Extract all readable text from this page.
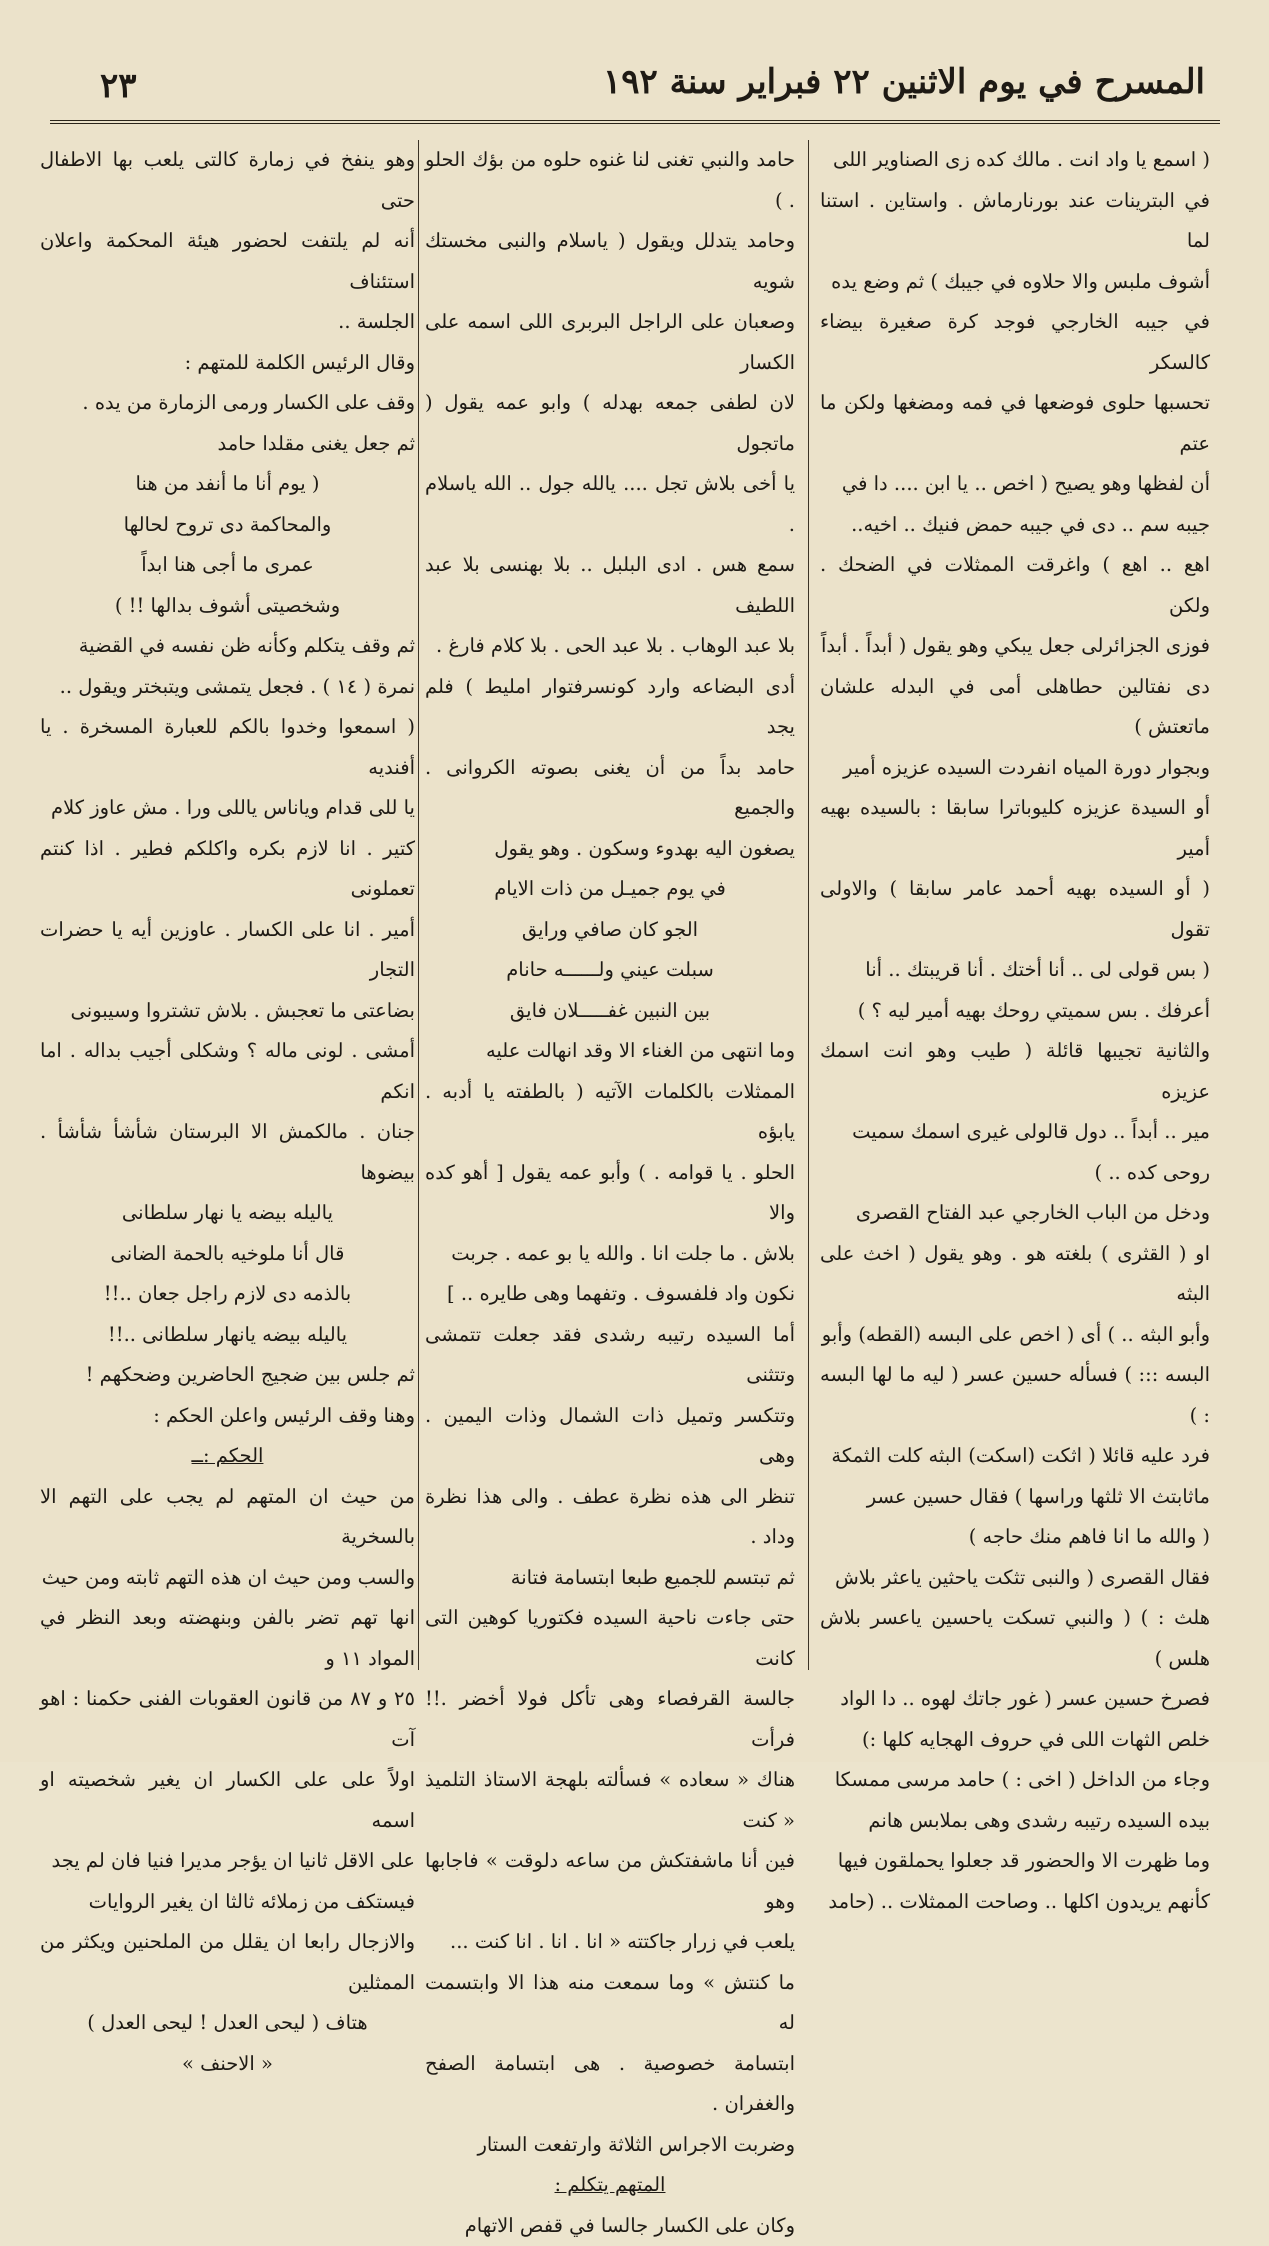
٢٣	المسرح في يوم الاثنين ٢٢ فبراير سنة ١٩٢

( اسمع يا واد انت . مالك كده زى الصناوير اللى

في البترينات عند بورنارماش . واستاين . استنا لما

أشوف ملبس والا حلاوه في جيبك ) ثم وضع يده

في جيبه الخارجي فوجد كرة صغيرة بيضاء كالسكر

تحسبها حلوى فوضعها في فمه ومضغها ولكن ما عتم

أن لفظها وهو يصيح ( اخص .. يا ابن .... دا في

جيبه سم .. دى في جيبه حمض فنيك .. اخيه..

اهع .. اهع ) واغرقت الممثلات في الضحك . ولكن

فوزى الجزائرلى جعل يبكي وهو يقول ( أبداً . أبداً

دى نفتالين حطاهلى أمى في البدله علشان ماتعتش )

وبجوار دورة المياه انفردت السيده عزيزه أمير

أو السيدة عزيزه كليوباترا سابقا : بالسيده بهيه أمير

( أو السيده بهيه أحمد عامر سابقا ) والاولى تقول

( بس قولى لى .. أنا أختك . أنا قريبتك .. أنا

أعرفك . بس سميتي روحك بهيه أمير ليه ؟ )

والثانية تجيبها قائلة ( طيب وهو انت اسمك عزيزه

مير .. أبداً .. دول قالولى غيرى اسمك سميت

روحى كده .. )

ودخل من الباب الخارجي عبد الفتاح القصرى

او ( القثرى ) بلغته هو . وهو يقول ( اخث على البثه

وأبو البثه .. ) أى ( اخص على البسه (القطه) وأبو

البسه ::: ) فسأله حسين عسر ( ليه ما لها البسه : )

فرد عليه قائلا ( اثكت (اسكت) البثه كلت الثمكة

ماثابتث الا ثلثها وراسها ) فقال حسين عسر

( والله ما انا فاهم منك حاجه )

فقال القصرى ( والنبى تثكت ياحثين ياعثر بلاش

هلث : ) ( والنبي تسكت ياحسين ياعسر بلاش هلس )

فصرخ حسين عسر ( غور جاتك لهوه .. دا الواد

خلص الثهات اللى في حروف الهجايه كلها :)

وجاء من الداخل ( اخى : ) حامد مرسى ممسكا

بيده السيده رتيبه رشدى وهى بملابس هانم

وما ظهرت الا والحضور قد جعلوا يحملقون فيها

كأنهم يريدون اكلها .. وصاحت الممثلات .. (حامد

حامد والنبي تغنى لنا غنوه حلوه من بؤك الحلو . )

وحامد يتدلل ويقول ( ياسلام والنبى مخستك شويه

وصعبان على الراجل البربرى اللى اسمه على الكسار

لان لطفى جمعه بهدله ) وابو عمه يقول ( ماتجول

يا أخى بلاش تجل .... يالله جول .. الله ياسلام .

سمع هس . ادى البلبل .. بلا بهنسى بلا عبد اللطيف

بلا عبد الوهاب . بلا عبد الحى . بلا كلام فارغ .

أدى البضاعه وارد كونسرفتوار امليط ) فلم يجد

حامد بداً من أن يغنى بصوته الكروانى . والجميع

يصغون اليه بهدوء وسكون . وهو يقول

في يوم جميـل من ذات الايام

الجو كان صافي ورايق

سبلت عيني ولــــــه حانام

بين النبين غفـــــلان فايق

وما انتهى من الغناء الا وقد انهالت عليه

الممثلات بالكلمات الآتيه ( بالطفته يا أدبه . يابؤه

الحلو . يا قوامه . ) وأبو عمه يقول [ أهو كده والا

بلاش . ما جلت انا . والله يا بو عمه . جربت

نكون واد فلفسوف . وتفهما وهى طايره .. ]

أما السيده رتيبه رشدى فقد جعلت تتمشى وتتثنى

وتتكسر وتميل ذات الشمال وذات اليمين . وهى

تنظر الى هذه نظرة عطف . والى هذا نظرة وداد .

ثم تبتسم للجميع طبعا ابتسامة فتانة

حتى جاءت ناحية السيده فكتوريا كوهين التى كانت

جالسة القرفصاء وهى تأكل فولا أخضر .!! فرأت

هناك « سعاده » فسألته بلهجة الاستاذ التلميذ « كنت

فين أنا ماشفتكش من ساعه دلوقت » فاجابها وهو

يلعب في زرار جاكتته « انا . انا . انا كنت ...

ما كنتش » وما سمعت منه هذا الا وابتسمت له

ابتسامة خصوصية . هى ابتسامة الصفح والغفران .

وضربت الاجراس الثلاثة وارتفعت الستار

المتهم يتكلم :

وكان على الكسار جالسا في قفص الاتهام

وهو ينفخ في زمارة كالتى يلعب بها الاطفال حتى

أنه لم يلتفت لحضور هيئة المحكمة واعلان استئناف

الجلسة ..

وقال الرئيس الكلمة للمتهم :

وقف على الكسار ورمى الزمارة من يده .

ثم جعل يغنى مقلدا حامد

( يوم أنا ما أنفد من هنا

والمحاكمة دى تروح لحالها

عمرى ما أجى هنا ابداً

وشخصيتى أشوف بدالها !! )

ثم وقف يتكلم وكأنه ظن نفسه في القضية

نمرة ( ١٤ ) . فجعل يتمشى ويتبختر ويقول ..

( اسمعوا وخدوا بالكم للعبارة المسخرة . يا أفنديه

يا للى قدام وياناس ياللى ورا . مش عاوز كلام

كتير . انا لازم بكره واكلكم فطير . اذا كنتم تعملونى

أمير . انا على الكسار . عاوزين أيه يا حضرات التجار

بضاعتى ما تعجبش . بلاش تشتروا وسيبونى

أمشى . لونى ماله ؟ وشكلى أجيب بداله . اما انكم

جنان . مالكمش الا البرستان شأشأ شأشأ . بيضوها

ياليله بيضه يا نهار سلطانى

قال أنا ملوخيه بالحمة الضانى

بالذمه دى لازم راجل جعان ..!!

ياليله بيضه يانهار سلطانى ..!!

ثم جلس بين ضجيج الحاضرين وضحكهم !

وهنا وقف الرئيس واعلن الحكم :

الحكم :ــ

من حيث ان المتهم لم يجب على التهم الا بالسخرية

والسب ومن حيث ان هذه التهم ثابته ومن حيث

انها تهم تضر بالفن وبنهضته وبعد النظر في المواد ١١ و

٢٥ و ٨٧ من قانون العقوبات الفنى حكمنا : اهو آت

اولاً على على الكسار ان يغير شخصيته او اسمه

على الاقل ثانيا ان يؤجر مديرا فنيا فان لم يجد

فيستكف من زملائه ثالثا ان يغير الروايات

والازجال رابعا ان يقلل من الملحنين ويكثر من الممثلين

هتاف ( ليحى العدل ! ليحى العدل )

« الاحنف »
